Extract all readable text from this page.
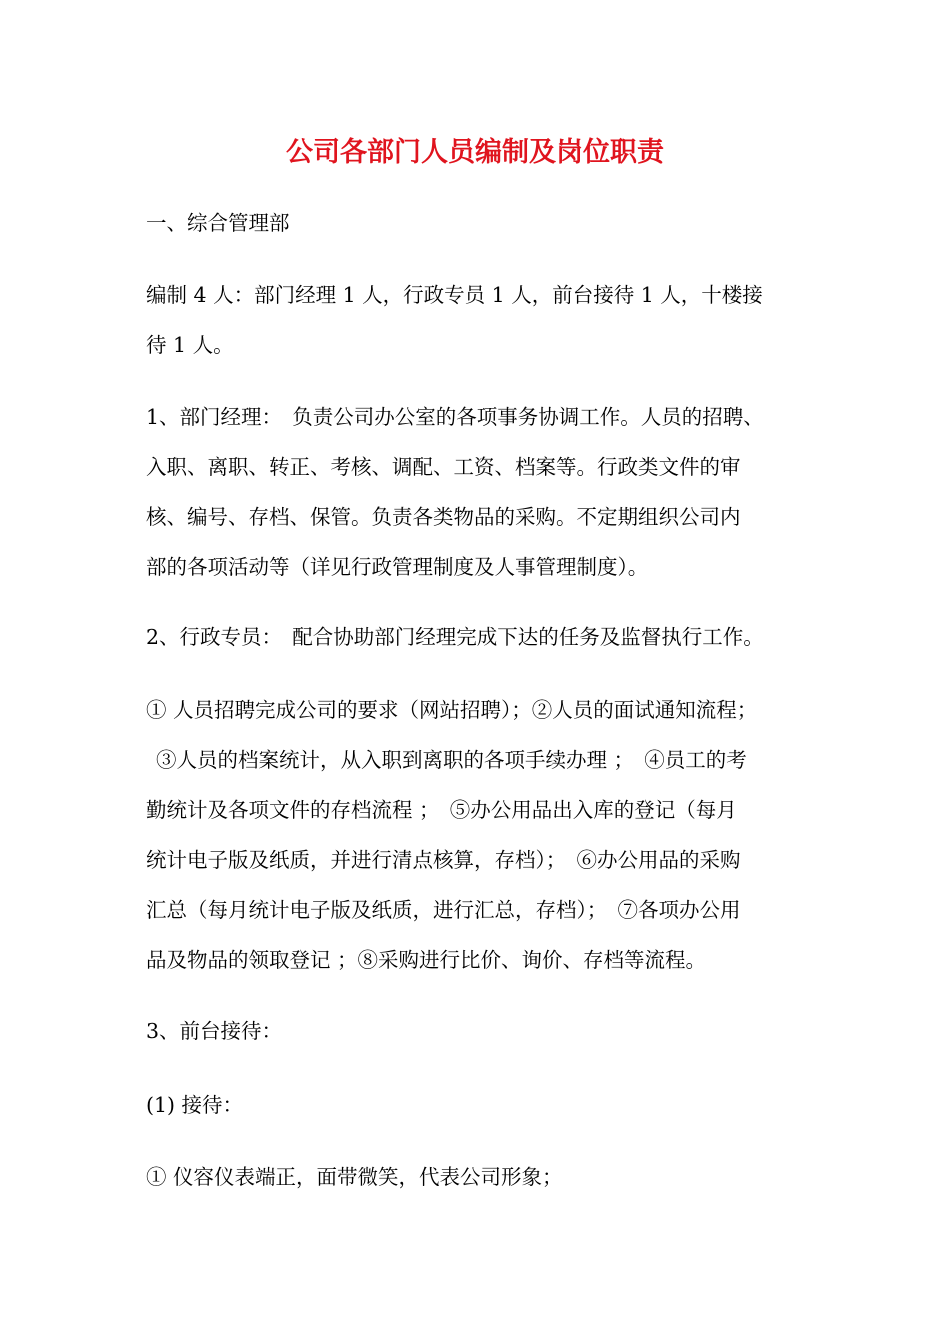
公司各部门人员编制及岗位职责

一、综合管理部

编制 4 人：部门经理 1 人，行政专员 1 人，前台接待 1 人，十楼接
待 1 人。

1、部门经理：　负责公司办公室的各项事务协调工作。人员的招聘、
入职、离职、转正、考核、调配、工资、档案等。行政类文件的审
核、编号、存档、保管。负责各类物品的采购。不定期组织公司内
部的各项活动等（详见行政管理制度及人事管理制度）。

2、行政专员：　配合协助部门经理完成下达的任务及监督执行工作。

① 人员招聘完成公司的要求（网站招聘）；②人员的面试通知流程；
③人员的档案统计，从入职到离职的各项手续办理 ；　④员工的考
勤统计及各项文件的存档流程 ；　⑤办公用品出入库的登记（每月
统计电子版及纸质，并进行清点核算，存档）；　⑥办公用品的采购
汇总（每月统计电子版及纸质，进行汇总，存档）；　⑦各项办公用
品及物品的领取登记 ；⑧采购进行比价、询价、存档等流程。

3、前台接待：

(1) 接待：

① 仪容仪表端正，面带微笑，代表公司形象；
